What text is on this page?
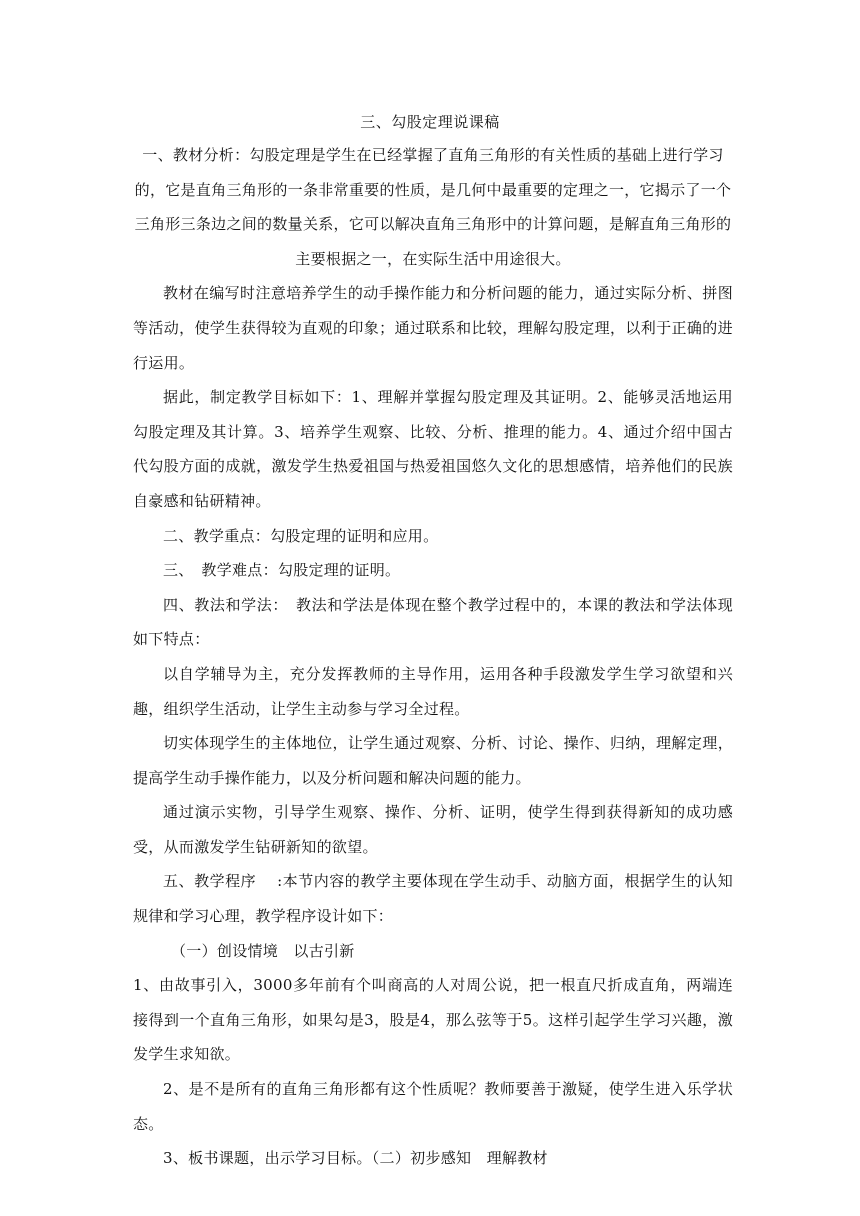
三、勾股定理说课稿

一、教材分析：勾股定理是学生在已经掌握了直角三角形的有关性质的基础上进行学习的，它是直角三角形的一条非常重要的性质，是几何中最重要的定理之一，它揭示了一个三角形三条边之间的数量关系，它可以解决直角三角形中的计算问题，是解直角三角形的主要根据之一，在实际生活中用途很大。

教材在编写时注意培养学生的动手操作能力和分析问题的能力，通过实际分析、拼图等活动，使学生获得较为直观的印象；通过联系和比较，理解勾股定理，以利于正确的进行运用。

据此，制定教学目标如下：1、理解并掌握勾股定理及其证明。2、能够灵活地运用勾股定理及其计算。3、培养学生观察、比较、分析、推理的能力。4、通过介绍中国古代勾股方面的成就，激发学生热爱祖国与热爱祖国悠久文化的思想感情，培养他们的民族自豪感和钻研精神。

二、教学重点：勾股定理的证明和应用。

三、　教学难点：勾股定理的证明。

四、教法和学法：　教法和学法是体现在整个教学过程中的，本课的教法和学法体现如下特点：

以自学辅导为主，充分发挥教师的主导作用，运用各种手段激发学生学习欲望和兴趣，组织学生活动，让学生主动参与学习全过程。

切实体现学生的主体地位，让学生通过观察、分析、讨论、操作、归纳，理解定理，提高学生动手操作能力，以及分析问题和解决问题的能力。

通过演示实物，引导学生观察、操作、分析、证明，使学生得到获得新知的成功感受，从而激发学生钻研新知的欲望。

五、教学程序　 :本节内容的教学主要体现在学生动手、动脑方面，根据学生的认知规律和学习心理，教学程序设计如下：

（一）创设情境　以古引新

1、由故事引入，3000多年前有个叫商高的人对周公说，把一根直尺折成直角，两端连接得到一个直角三角形，如果勾是3，股是4，那么弦等于5。这样引起学生学习兴趣，激发学生求知欲。

2、是不是所有的直角三角形都有这个性质呢？教师要善于激疑，使学生进入乐学状态。

3、板书课题，出示学习目标。（二）初步感知　理解教材
